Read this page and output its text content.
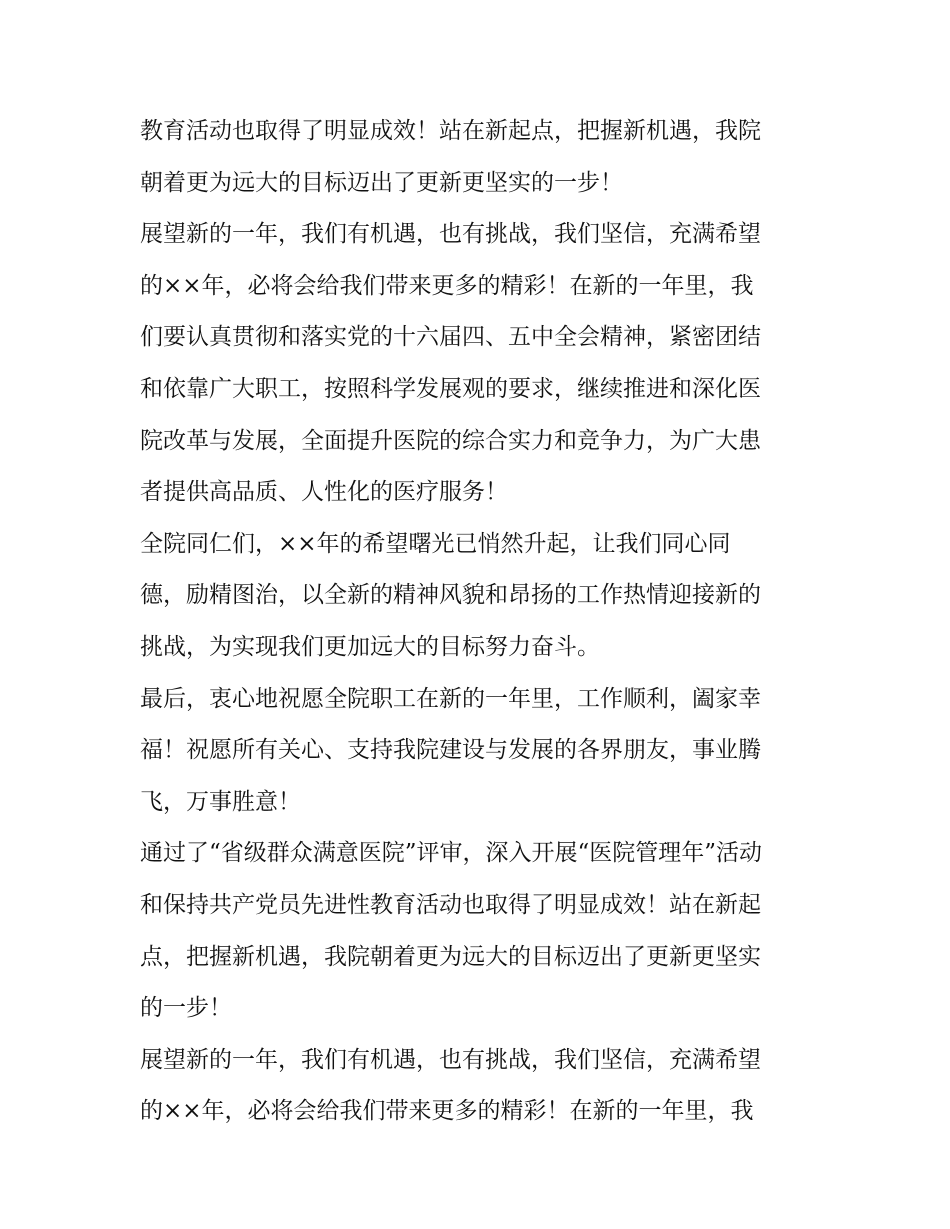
教育活动也取得了明显成效！站在新起点，把握新机遇，我院
朝着更为远大的目标迈出了更新更坚实的一步！
展望新的一年，我们有机遇，也有挑战，我们坚信，充满希望
的××年，必将会给我们带来更多的精彩！在新的一年里，我
们要认真贯彻和落实党的十六届四、五中全会精神，紧密团结
和依靠广大职工，按照科学发展观的要求，继续推进和深化医
院改革与发展，全面提升医院的综合实力和竞争力，为广大患
者提供高品质、人性化的医疗服务！
全院同仁们，××年的希望曙光已悄然升起，让我们同心同
德，励精图治，以全新的精神风貌和昂扬的工作热情迎接新的
挑战，为实现我们更加远大的目标努力奋斗。
最后，衷心地祝愿全院职工在新的一年里，工作顺利，阖家幸
福！祝愿所有关心、支持我院建设与发展的各界朋友，事业腾
飞，万事胜意！
通过了“省级群众满意医院”评审，深入开展“医院管理年”活动
和保持共产党员先进性教育活动也取得了明显成效！站在新起
点，把握新机遇，我院朝着更为远大的目标迈出了更新更坚实
的一步！
展望新的一年，我们有机遇，也有挑战，我们坚信，充满希望
的××年，必将会给我们带来更多的精彩！在新的一年里，我
